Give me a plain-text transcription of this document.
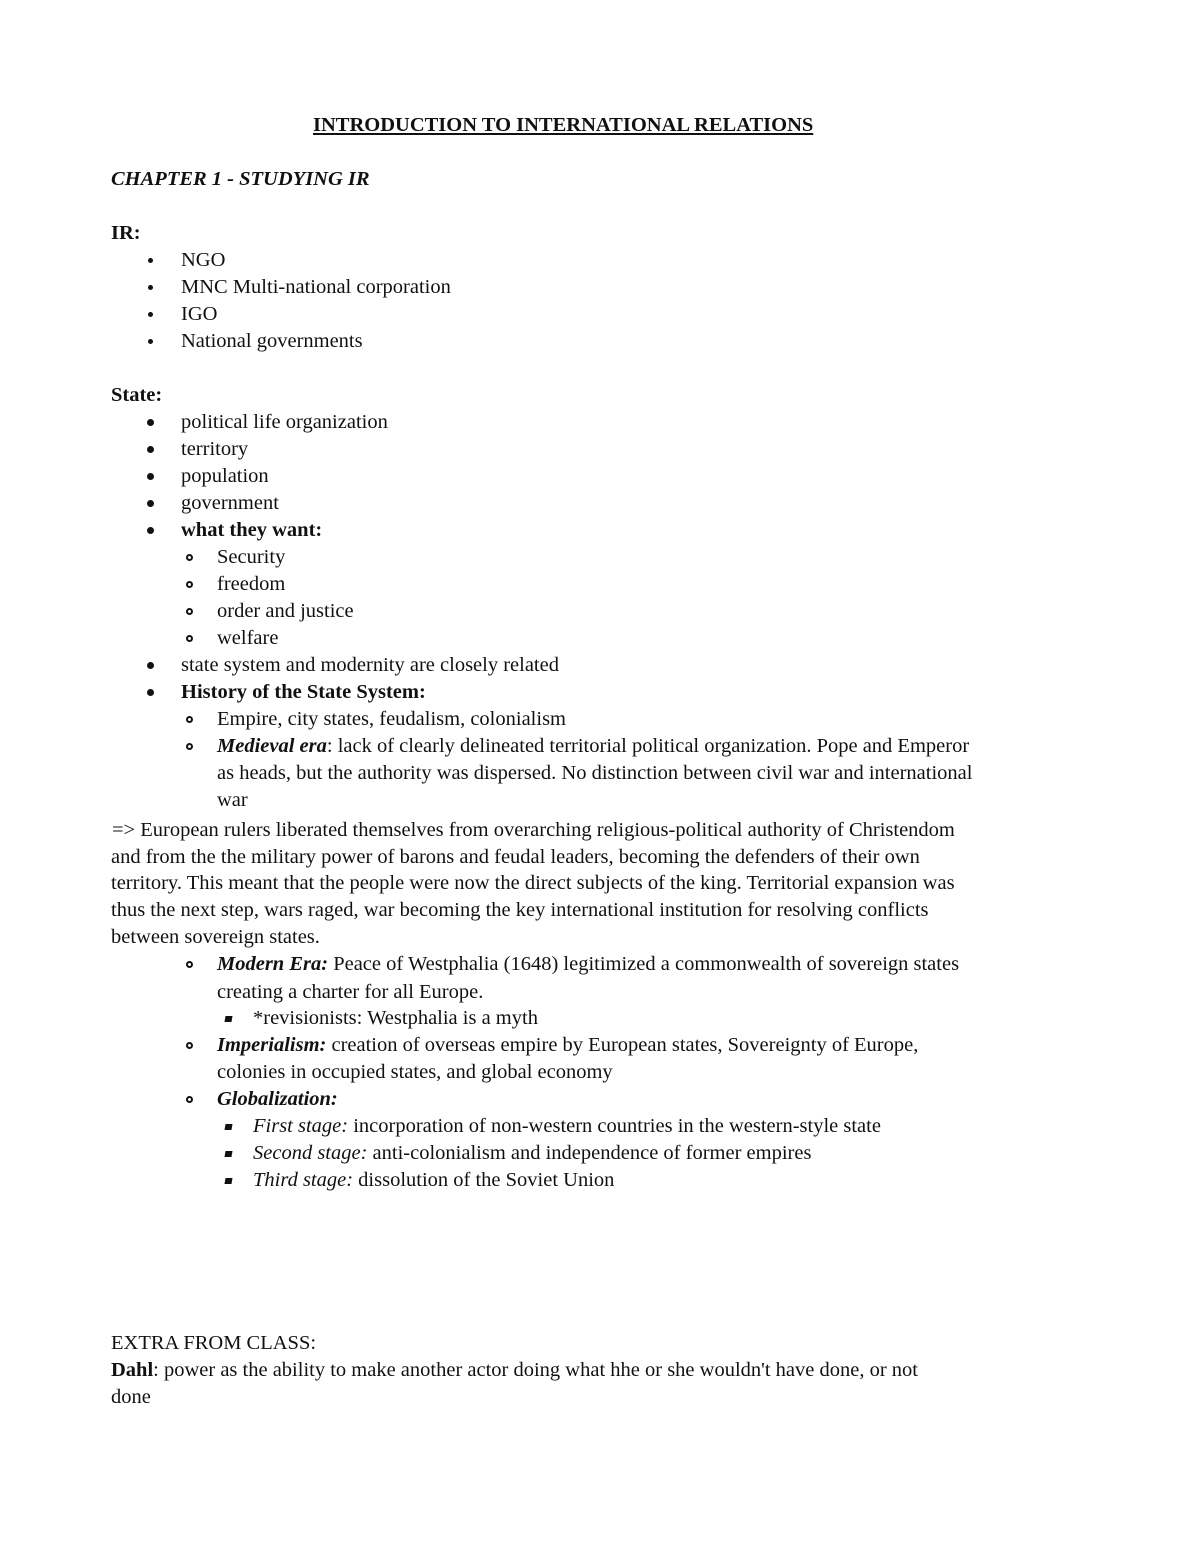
INTRODUCTION TO INTERNATIONAL RELATIONS
CHAPTER 1 - STUDYING IR
IR:
NGO
MNC Multi-national corporation
IGO
National governments
State:
political life organization
territory
population
government
what they want:
Security
freedom
order and justice
welfare
state system and modernity are closely related
History of the State System:
Empire, city states, feudalism, colonialism
Medieval era: lack of clearly delineated territorial political organization. Pope and Emperor
as heads, but the authority was dispersed. No distinction between civil war and international
war
=> European rulers liberated themselves from overarching religious-political authority of Christendom
and from the the military power of barons and feudal leaders, becoming the defenders of their own
territory. This meant that the people were now the direct subjects of the king. Territorial expansion was
thus the next step, wars raged, war becoming the key international institution for resolving conflicts
between sovereign states.
Modern Era: Peace of Westphalia (1648) legitimized a commonwealth of sovereign states
creating a charter for all Europe.
*revisionists: Westphalia is a myth
Imperialism: creation of overseas empire by European states, Sovereignty of Europe,
colonies in occupied states, and global economy
Globalization:
First stage: incorporation of non-western countries in the western-style state
Second stage: anti-colonialism and independence of former empires
Third stage: dissolution of the Soviet Union
EXTRA FROM CLASS:
Dahl: power as the ability to make another actor doing what hhe or she wouldn't have done, or not
done
